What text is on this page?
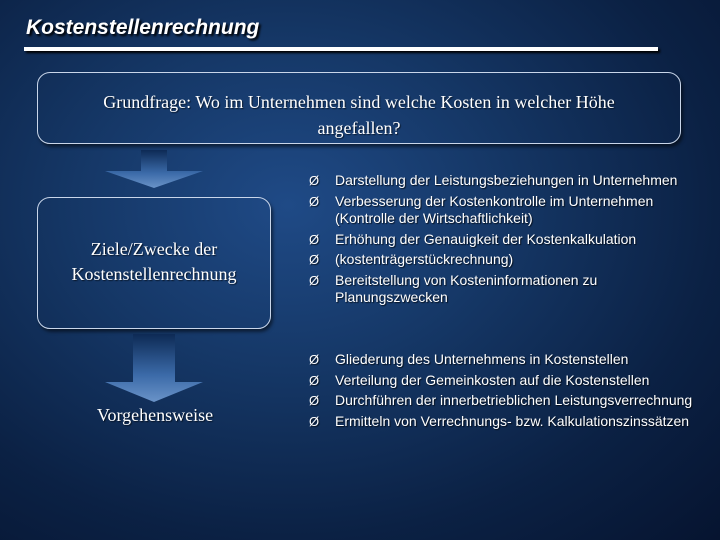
Kostenstellenrechnung
Grundfrage: Wo im Unternehmen sind welche Kosten in welcher Höhe angefallen?
Ziele/Zwecke der
Kostenstellenrechnung
Vorgehensweise
Ø Darstellung der Leistungsbeziehungen in Unternehmen
Ø Verbesserung der Kostenkontrolle im Unternehmen (Kontrolle der Wirtschaftlichkeit)
Ø Erhöhung der Genauigkeit der Kostenkalkulation
Ø (kostenträgerstückrechnung)
Ø Bereitstellung von Kosteninformationen zu Planungszwecken
Ø Gliederung des Unternehmens in Kostenstellen
Ø Verteilung der Gemeinkosten auf die Kostenstellen
Ø Durchführen der innerbetrieblichen Leistungsverrechnung
Ø Ermitteln von Verrechnungs- bzw. Kalkulationszinssätzen
